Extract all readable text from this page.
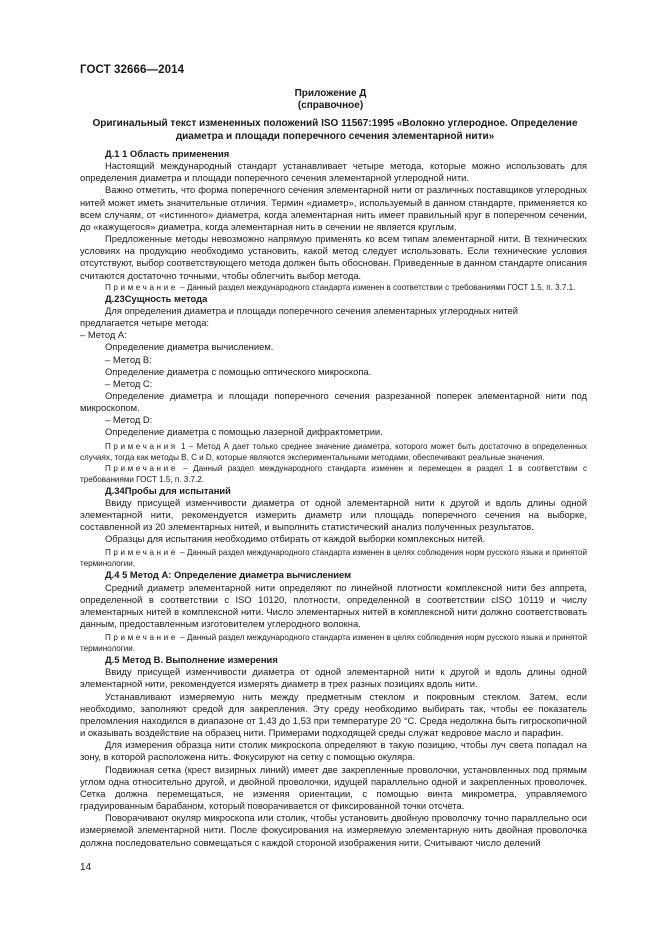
ГОСТ 32666—2014
Приложение Д
(справочное)
Оригинальный текст измененных положений ISO 11567:1995 «Волокно углеродное. Определение диаметра и площади поперечного сечения элементарной нити»

Д.1 1 Область применения

Настоящий международный стандарт устанавливает четыре метода, которые можно использовать для определения диаметра и площади поперечного сечения элементарной углеродной нити.

Важно отметить, что форма поперечного сечения элементарной нити от различных поставщиков углеродных нитей может иметь значительные отличия. Термин «диаметр», используемый в данном стандарте, применяется ко всем случаям, от «истинного» диаметра, когда элементарная нить имеет правильный круг в поперечном сечении, до «кажущегося» диаметра, когда элементарная нить в сечении не является круглым.

Предложенные методы невозможно напрямую применять ко всем типам элементарной нити. В технических условиях на продукцию необходимо установить, какой метод следует использовать. Если технические условия отсутствуют, выбор соответствующего метода должен быть обоснован. Приведенные в данном стандарте описания считаются достаточно точными, чтобы облегчить выбор метода.

Примечание – Данный раздел международного стандарта изменен в соответствии с требованиями ГОСТ 1.5, п. 3.7.1.

Д.23Сущность метода

Для определения диаметра и площади поперечного сечения элементарных углеродных нитей

предлагается четыре метода:

– Метод A:

Определение диаметра вычислением.

– Метод B:

Определение диаметра с помощью оптического микроскопа.

– Метод C:

Определение диаметра и площади поперечного сечения разрезанной поперек элементарной нити под микроскопом.

– Метод D:

Определение диаметра с помощью лазерной дифрактометрии.

Примечания 1 – Метод А дает только среднее значение диаметра, которого может быть достаточно в определенных случаях, тогда как методы B, C и D, которые являются экспериментальными методами, обеспечивают реальные значения.

Примечание – Данный раздел международного стандарта изменен и перемещен в раздел 1 в соответствии с требованиями ГОСТ 1.5, п. 3.7.2.

Д.34Пробы для испытаний

Ввиду присущей изменчивости диаметра от одной элементарной нити к другой и вдоль длины одной элементарной нити, рекомендуется измерить диаметр или площадь поперечного сечения на выборке, составленной из 20 элементарных нитей, и выполнить статистический анализ полученных результатов.

Образцы для испытания необходимо отбирать от каждой выборки комплексных нитей.

Примечание – Данный раздел международного стандарта изменен в целях соблюдения норм русского языка и принятой терминологии.

Д.4 5 Метод A: Определение диаметра вычислением

Средний диаметр элементарной нити определяют по линейной плотности комплексной нити без аппрета, определенной в соответствии с ISO 10120, плотности, определенной в соответствии сISO 10119 и числу элементарных нитей в комплексной нити. Число элементарных нитей в комплексной нити должно соответствовать данным, предоставленным изготовителем углеродного волокна.

Примечание – Данный раздел международного стандарта изменен в целях соблюдения норм русского языка и принятой терминологии.

Д.5 Метод B. Выполнение измерения

Ввиду присущей изменчивости диаметра от одной элементарной нити к другой и вдоль длины одной элементарной нити, рекомендуется измерять диаметр в трех разных позициях вдоль нити.

Устанавливают измеряемую нить между предметным стеклом и покровным стеклом. Затем, если необходимо, заполняют средой для закрепления. Эту среду необходимо выбирать так, чтобы ее показатель преломления находился в диапазоне от 1,43 до 1,53 при температуре 20 °С. Среда недолжна быть гигроскопичной и оказывать воздействие на образец нити. Примерами подходящей среды служат кедровое масло и парафин.

Для измерения образца нити столик микроскопа определяют в такую позицию, чтобы луч света попадал на зону, в которой расположена нить. Фокусируют на сетку с помощью окуляра.

Подвижная сетка (крест визирных линий) имеет две закрепленные проволочки, установленных под прямым углом одна относительно другой, и двойной проволочки, идущей параллельно одной и закрепленных проволочек. Сетка должна перемещаться, не изменяя ориентации, с помощью винта микрометра, управляемого градуированным барабаном, который поворачивается от фиксированной точки отсчета.

Поворачивают окуляр микроскопа или столик, чтобы установить двойную проволочку точно параллельно оси измеряемой элементарной нити. После фокусирования на измеряемую элементарную нить двойная проволочка должна последовательно совмещаться с каждой стороной изображения нити. Считывают число делений

14
